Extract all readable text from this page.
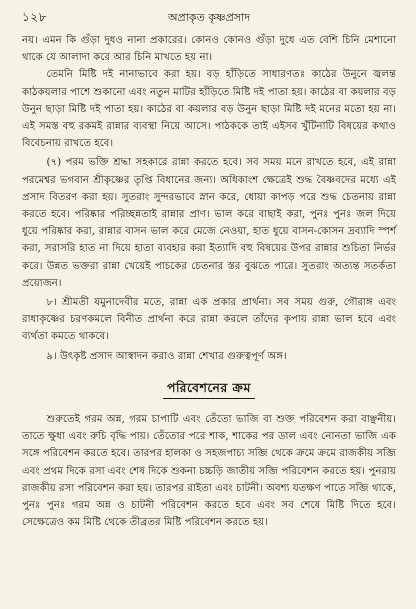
১২৮	অপ্রাকৃত কৃষ্ণপ্রসাদ

নয়। এমন কি গুঁড়া দুধও নানা প্রকারের। কোনও কোনও গুঁড়া দুধে এত বেশি চিনি মেশানো থাকে যে আলাদা করে আর চিনি মাখতে হয় না।

তেমনি মিষ্টি দই নানাভাবে করা হয়। বড় হাঁড়িতে সাধারণতঃ কাঠের উনুনে জ্বলন্ত কাঠকয়লার পাশে শুকানো এবং নতুন মাটির হাঁড়িতে মিষ্টি দই পাতা হয়। কাঠের বা কয়লার বড় উনুন ছাড়া মিষ্টি দই পাতা হয়। কাঠের বা কয়লার বড় উনুন ছাড়া মিষ্টি দই মনের মতো হয় না। এই সমস্ত বহু রকমই রান্নার ব্যবস্থা নিয়ে আসে। পাঠককে তাই এইসব খুঁটিনাটি বিষয়ের কথাও বিবেচনায় রাখতে হবে।

(৭) পরম ভক্তি শ্রদ্ধা সহকারে রান্না করতে হবে। সব সময় মনে রাখতে হবে, এই রান্না পরমেশ্বর ভগবান শ্রীকৃষ্ণের তৃপ্তি বিধানের জন্য। অধিকাংশ ক্ষেত্রেই শুদ্ধ বৈষ্ণবদের মধ্যে এই প্রসাদ বিতরণ করা হয়। সুতরাং সুন্দরভাবে স্নান করে, ধোয়া কাপড় পরে শুদ্ধ চেতনায় রান্না করতে হবে। পরিষ্কার পরিচ্ছন্নতাই রান্নার প্রাণ। ভাল করে বাছাই করা, পুনঃ পুনঃ জল দিয়ে ধুয়ে পরিষ্কার করা, রান্নার বাসন ভাল করে মেজে নেওয়া, হাত ধুয়ে বাসন-কোসন দ্রব্যাদি স্পর্শ করা, সরাসরি হাত না দিয়ে হাতা ব্যবহার করা ইত্যাদি বহু বিষয়ের উপর রান্নার শুচিতা নির্ভর করে। উন্নত ভক্তরা রান্না খেয়েই পাচকের চেতনার স্তর বুঝতে পারে। সুতরাং অত্যন্ত সতর্কতা প্রয়োজন।

৮। শ্রীমতী যমুনাদেবীর মতে, রান্না এক প্রকার প্রার্থনা। সব সময় গুরু, গৌরাঙ্গ এবং রাধাকৃষ্ণের চরণকমলে বিনীত প্রার্থনা করে রান্না করলে তাঁদের কৃপায় রান্না ভাল হবে এবং ব্যর্থতা কমতে থাকবে।

৯। উৎকৃষ্ট প্রসাদ আস্বাদন করাও রান্না শেখার গুরুত্বপূর্ণ অঙ্গ।

পরিবেশনের ক্রম

শুরুতেই গরম অন্ন, গরম চাপাটি এবং তেঁতো ভাজি বা শুক্ত পরিবেশন করা বাঞ্ছনীয়। তাতে ক্ষুধা এবং রুচি বৃদ্ধি পায়। তেঁতোর পরে শাক, শাকের পর ডাল এবং নোনতা ভাজি এক সঙ্গে পরিবেশন করতে হবে। তারপর হালকা ও সহজপাচ্য সব্জি থেকে ক্রমে ক্রমে রাজকীয় সব্জি এবং প্রথম দিকে রসা এবং শেষ দিকে শুকনা চচ্চড়ি জাতীয় সব্জি পরিবেশন করতে হয়। পুনরায় রাজকীয় রসা পরিবেশন করা হয়। তারপর রাইতা এবং চাটনী। অবশ্য যতক্ষণ পাতে সব্জি থাকে, পুনঃ পুনঃ গরম অন্ন ও চাটনী পরিবেশন করতে হবে এবং সব শেষে মিষ্টি দিতে হবে। সেক্ষেত্রেও কম মিষ্টি থেকে তীব্রতর মিষ্টি পরিবেশন করতে হয়।
